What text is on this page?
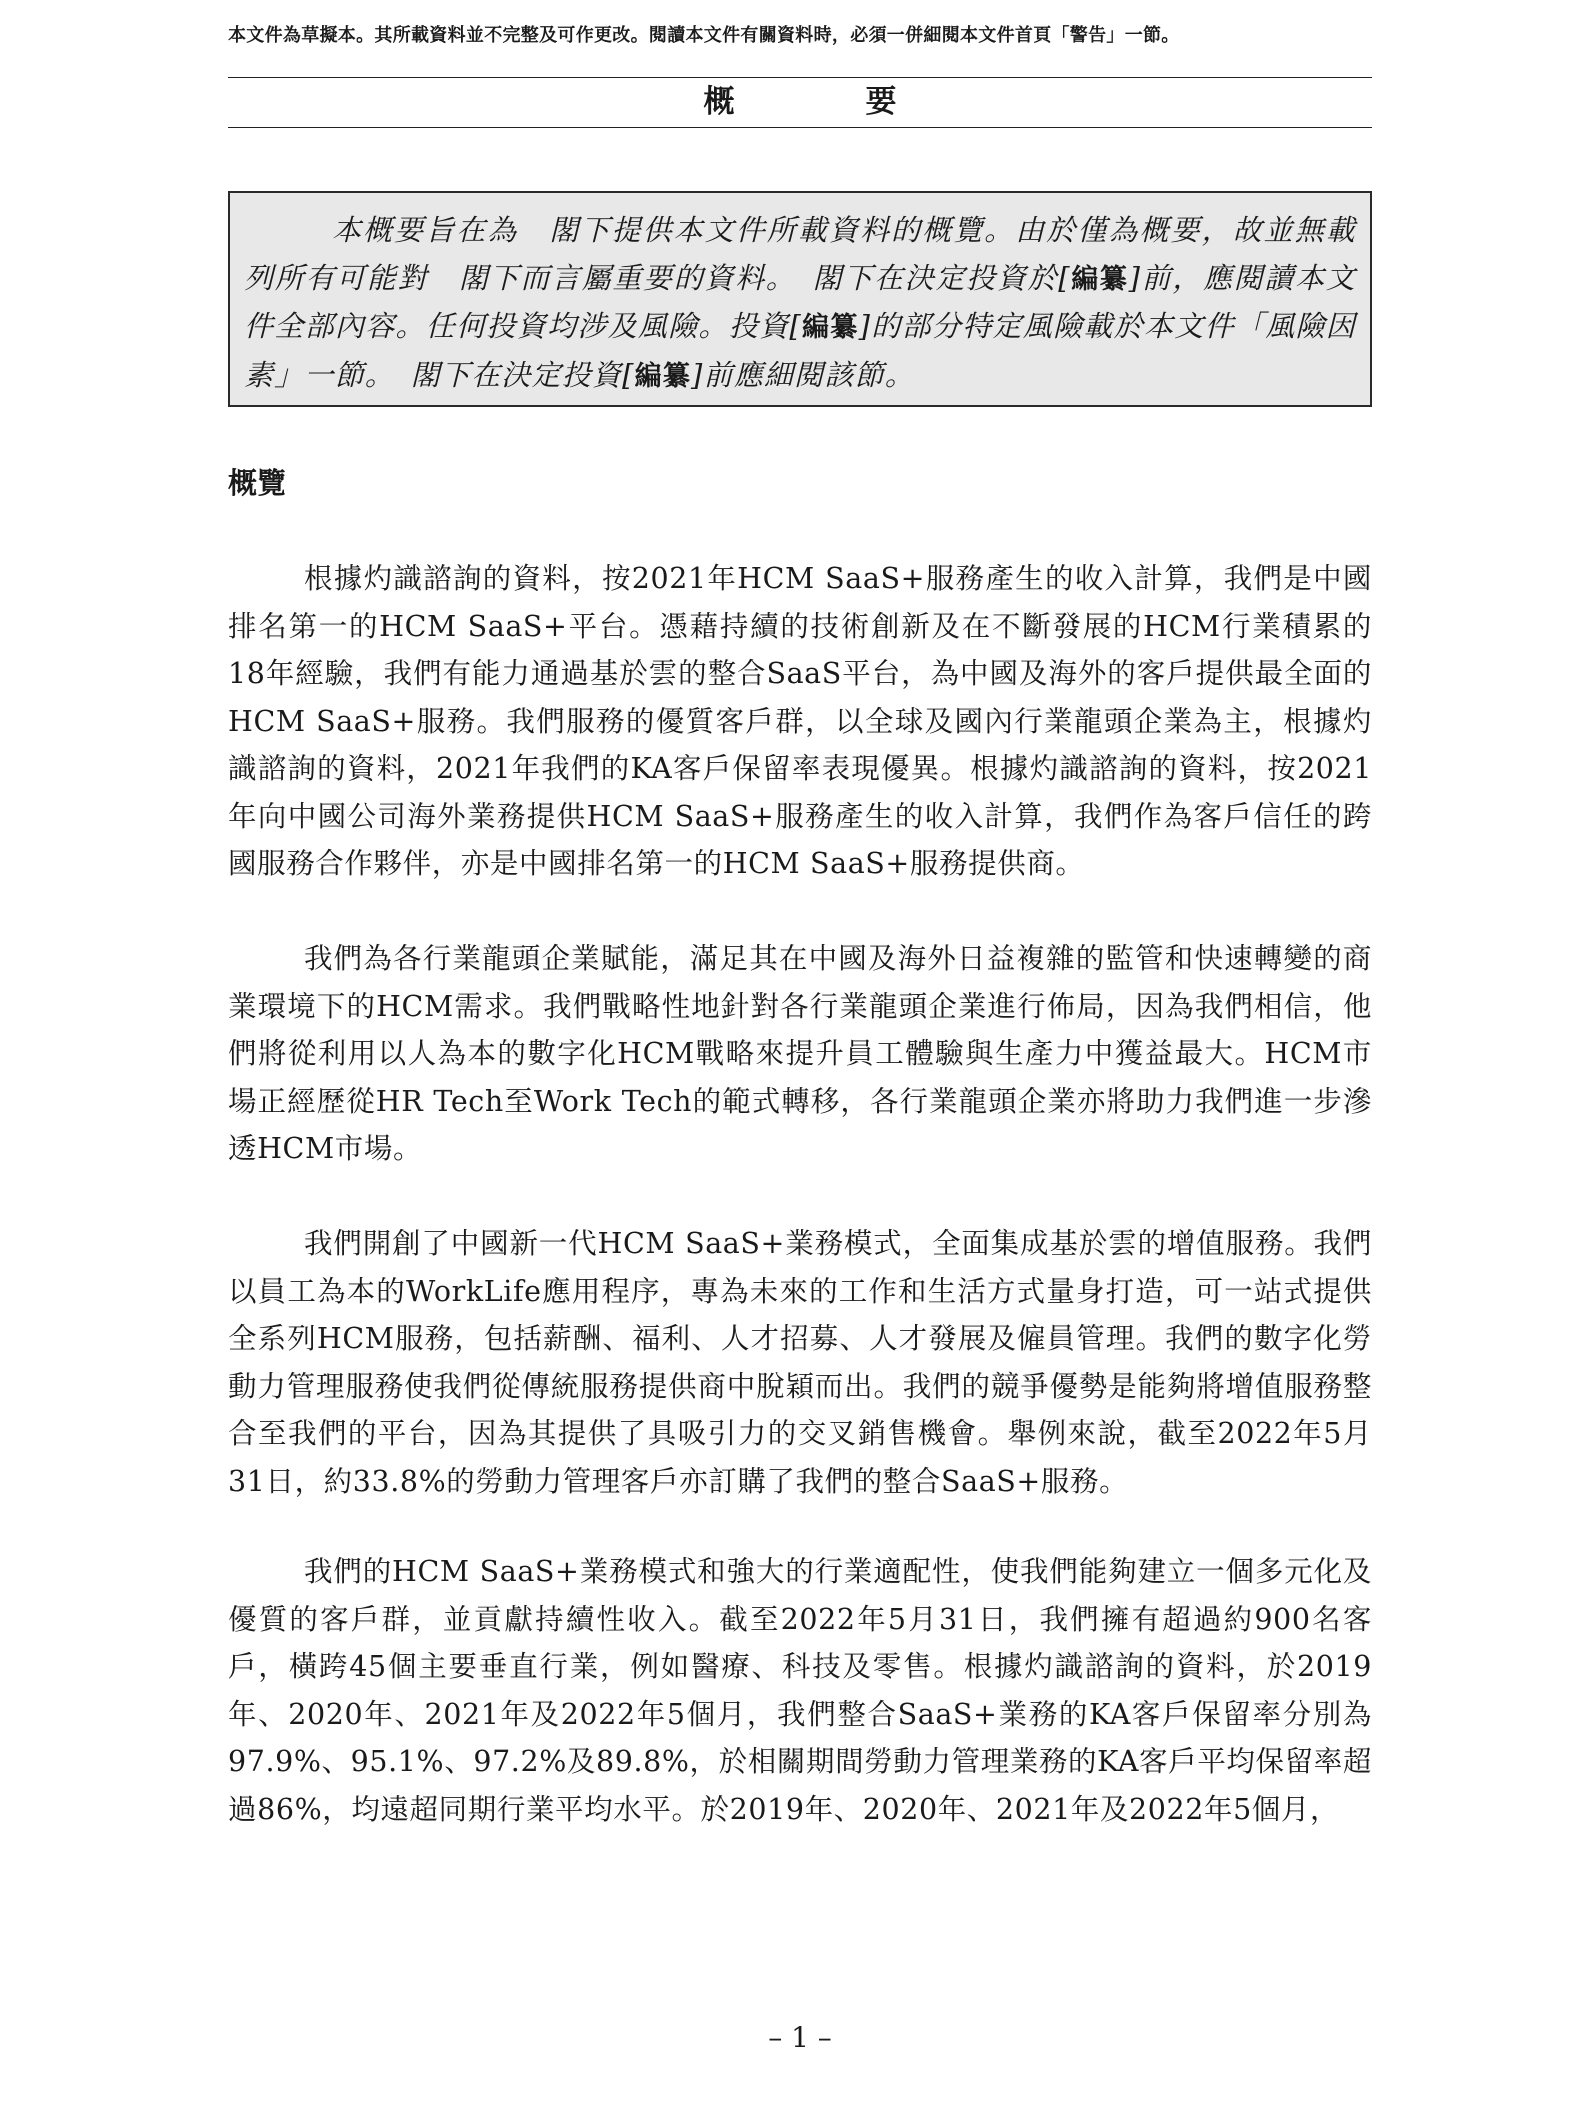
本文件為草擬本。其所載資料並不完整及可作更改。閱讀本文件有關資料時，必須一併細閱本文件首頁「警告」一節。
概　要
本概要旨在為　閣下提供本文件所載資料的概覽。由於僅為概要，故並無載列所有可能對　閣下而言屬重要的資料。　閣下在決定投資於[編纂]前，應閱讀本文件全部內容。任何投資均涉及風險。投資[編纂]的部分特定風險載於本文件「風險因素」一節。　閣下在決定投資[編纂]前應細閱該節。
概覽

根據灼識諮詢的資料，按2021年HCM SaaS+服務產生的收入計算，我們是中國排名第一的HCM SaaS+平台。憑藉持續的技術創新及在不斷發展的HCM行業積累的18年經驗，我們有能力通過基於雲的整合SaaS平台，為中國及海外的客戶提供最全面的HCM SaaS+服務。我們服務的優質客戶群，以全球及國內行業龍頭企業為主，根據灼識諮詢的資料，2021年我們的KA客戶保留率表現優異。根據灼識諮詢的資料，按2021年向中國公司海外業務提供HCM SaaS+服務產生的收入計算，我們作為客戶信任的跨國服務合作夥伴，亦是中國排名第一的HCM SaaS+服務提供商。

我們為各行業龍頭企業賦能，滿足其在中國及海外日益複雜的監管和快速轉變的商業環境下的HCM需求。我們戰略性地針對各行業龍頭企業進行佈局，因為我們相信，他們將從利用以人為本的數字化HCM戰略來提升員工體驗與生產力中獲益最大。HCM市場正經歷從HR Tech至Work Tech的範式轉移，各行業龍頭企業亦將助力我們進一步滲透HCM市場。

我們開創了中國新一代HCM SaaS+業務模式，全面集成基於雲的增值服務。我們以員工為本的WorkLife應用程序，專為未來的工作和生活方式量身打造，可一站式提供全系列HCM服務，包括薪酬、福利、人才招募、人才發展及僱員管理。我們的數字化勞動力管理服務使我們從傳統服務提供商中脫穎而出。我們的競爭優勢是能夠將增值服務整合至我們的平台，因為其提供了具吸引力的交叉銷售機會。舉例來說，截至2022年5月31日，約33.8%的勞動力管理客戶亦訂購了我們的整合SaaS+服務。

我們的HCM SaaS+業務模式和強大的行業適配性，使我們能夠建立一個多元化及優質的客戶群，並貢獻持續性收入。截至2022年5月31日，我們擁有超過約900名客戶，橫跨45個主要垂直行業，例如醫療、科技及零售。根據灼識諮詢的資料，於2019年、2020年、2021年及2022年5個月，我們整合SaaS+業務的KA客戶保留率分別為97.9%、95.1%、97.2%及89.8%，於相關期間勞動力管理業務的KA客戶平均保留率超過86%，均遠超同期行業平均水平。於2019年、2020年、2021年及2022年5個月，

– 1 –
